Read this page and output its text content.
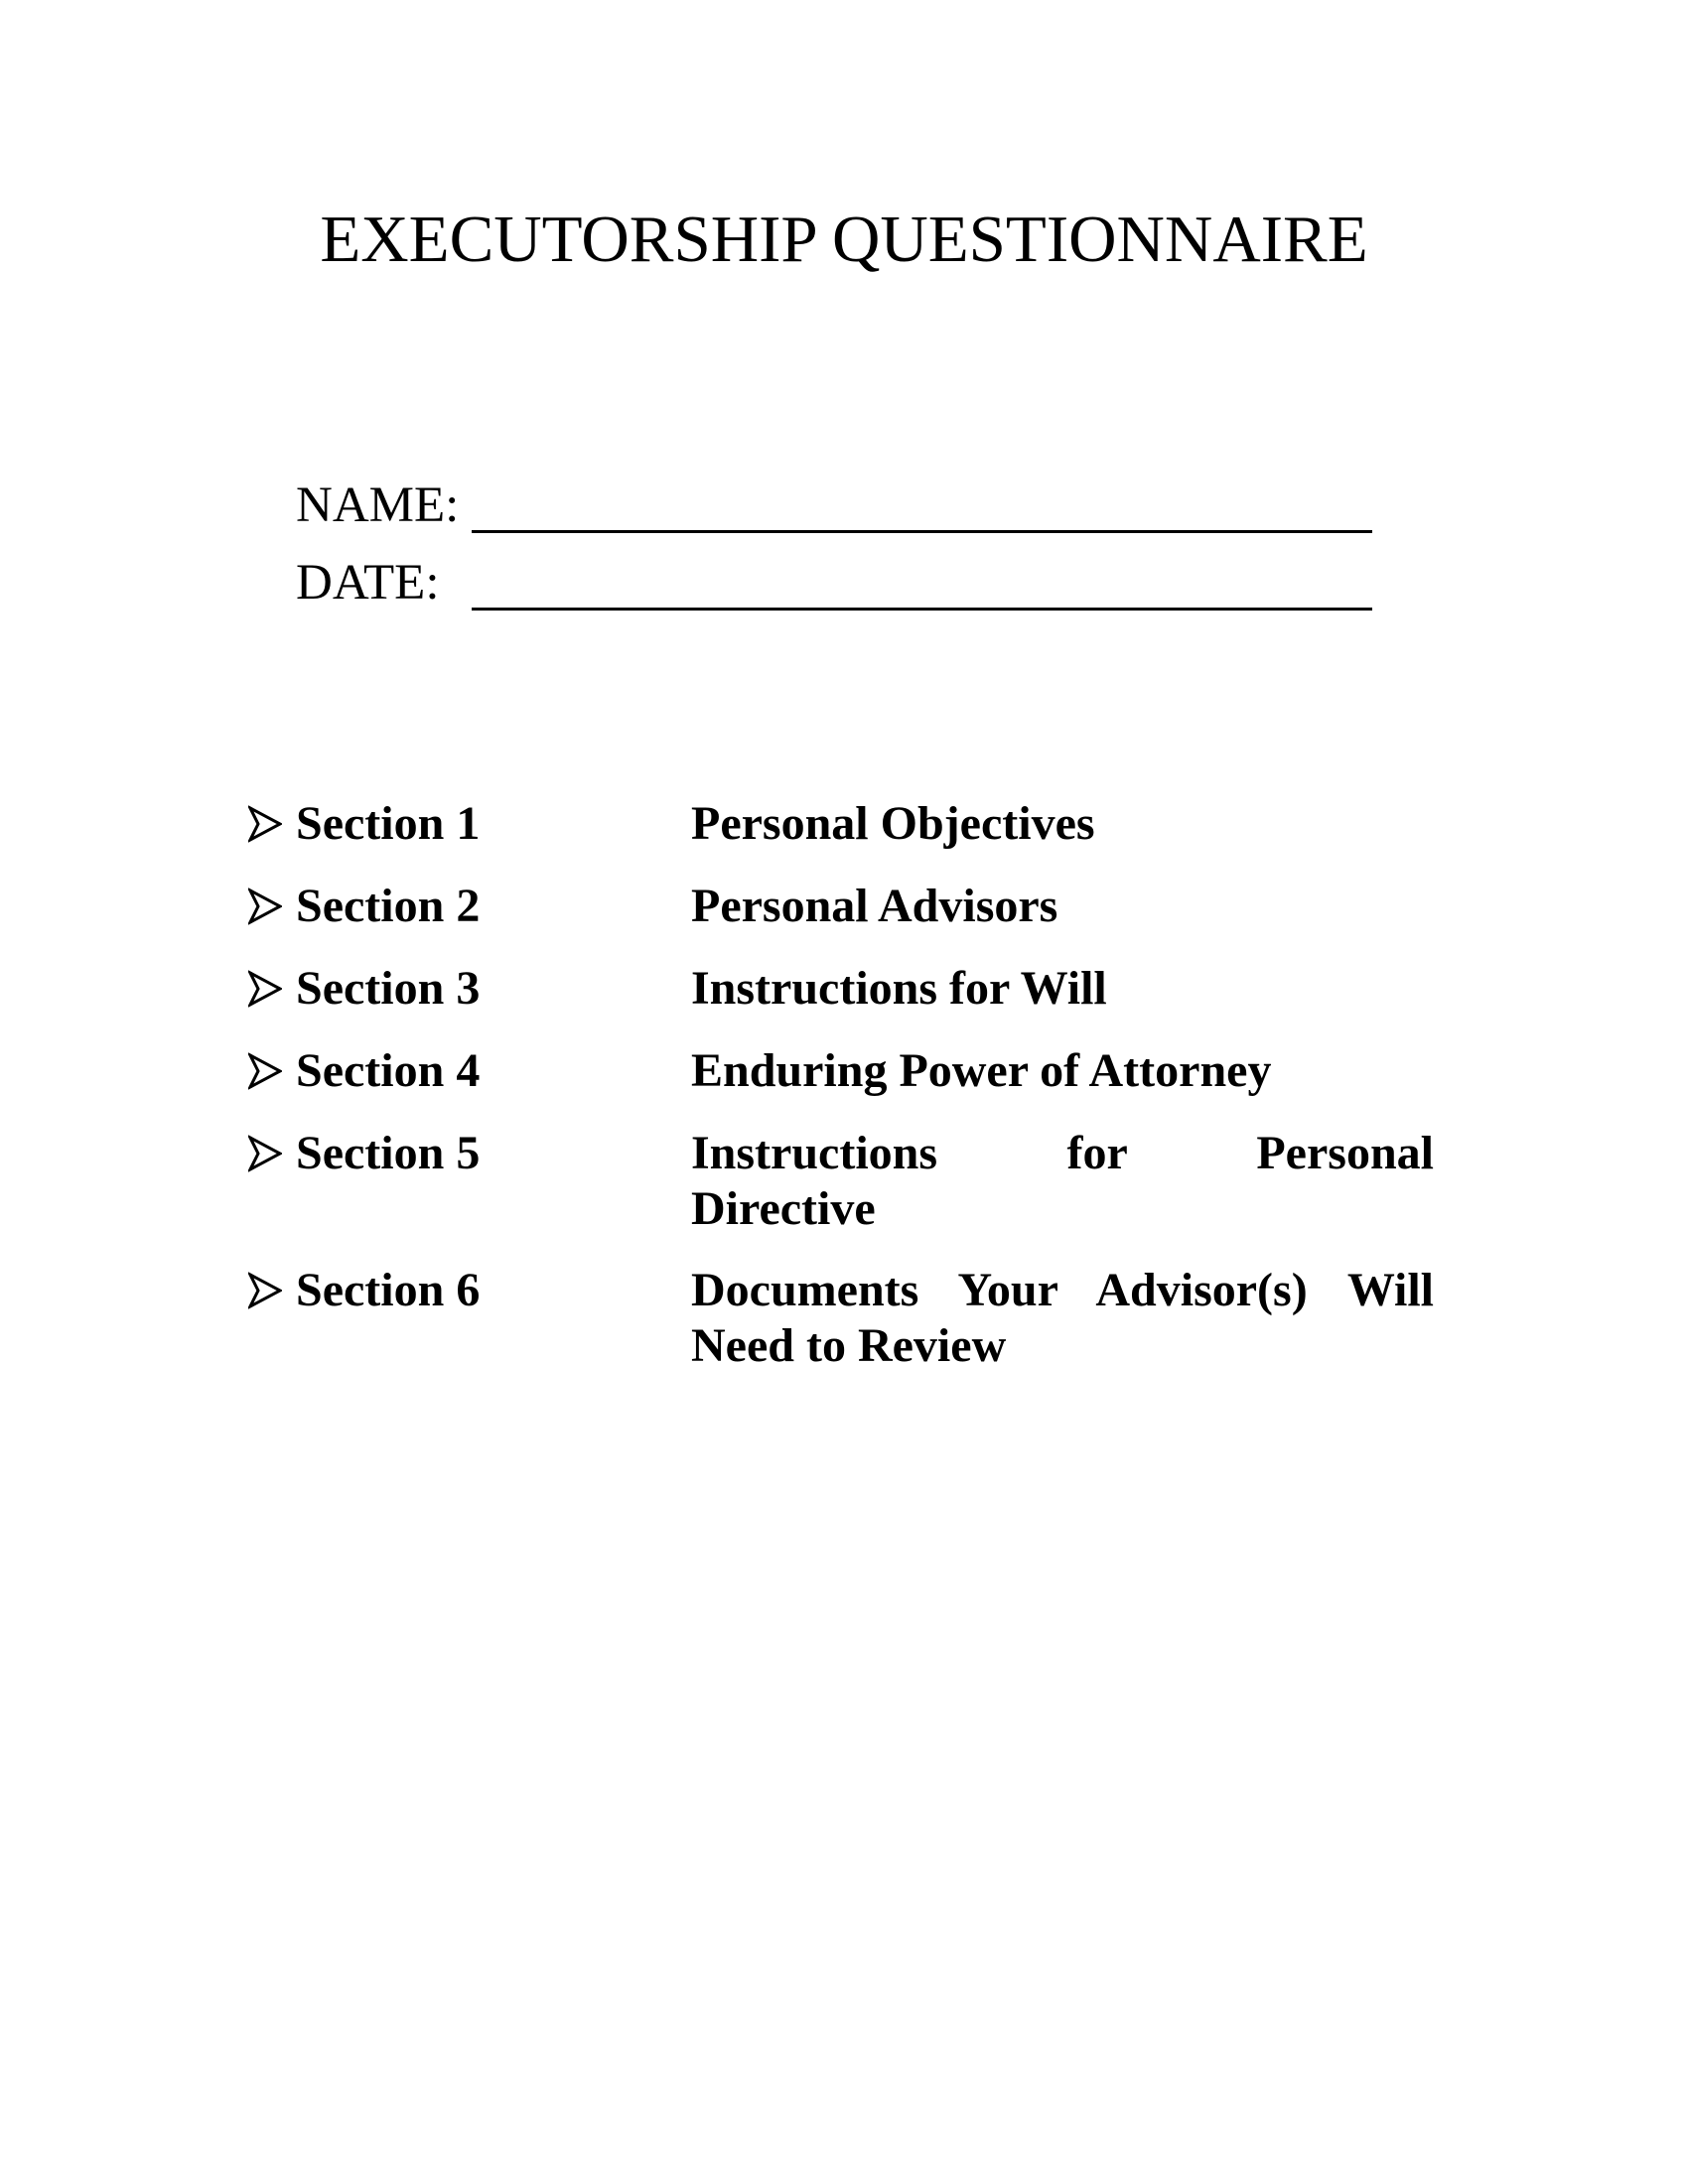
EXECUTORSHIP QUESTIONNAIRE
NAME:
DATE:
Section 1	Personal Objectives
Section 2	Personal Advisors
Section 3	Instructions for Will
Section 4	Enduring Power of Attorney
Section 5	Instructions for Personal
Directive
Section 6	Documents Your Advisor(s) Will
Need to Review
